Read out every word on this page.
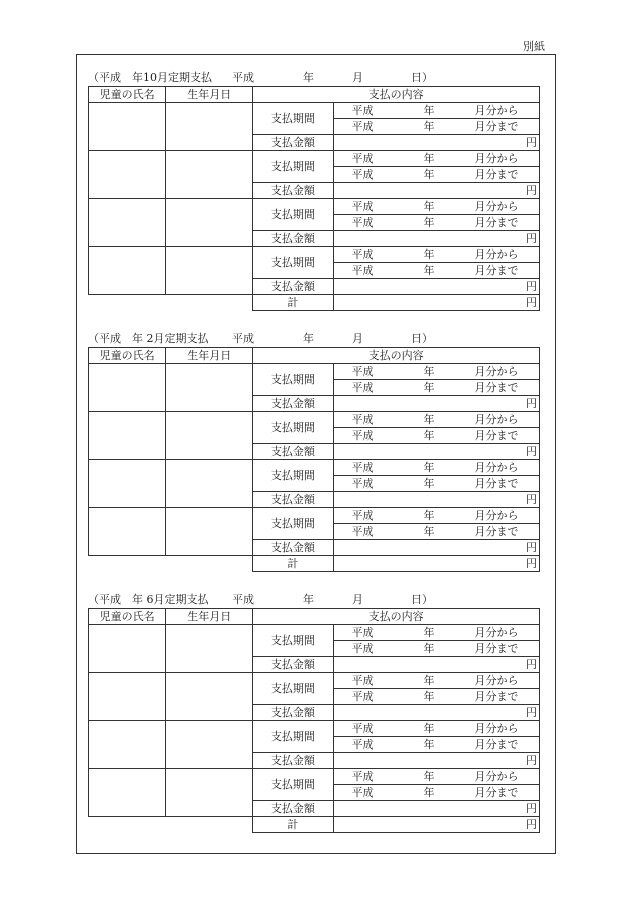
別紙

（平成

年10月定期支払

平成

	年

	月

	日）

児童の氏名	生年月日	支払の内容	
		支払期間	平成 年 月分から

			平成 年 月分まで

		支払金額	円
		支払期間	平成 年 月分から

			平成 年 月分まで

		支払金額	円
		支払期間	平成 年 月分から

			平成 年 月分まで

		支払金額	円
		支払期間	平成 年 月分から

			平成 年 月分まで

		支払金額	円
		計	円

（平成

年 2月定期支払

平成

	年

	月

	日）

児童の氏名	生年月日	支払の内容	
		支払期間	平成 年 月分から

			平成 年 月分まで

		支払金額	円
		支払期間	平成 年 月分から

			平成 年 月分まで

		支払金額	円
		支払期間	平成 年 月分から

			平成 年 月分まで

		支払金額	円
		支払期間	平成 年 月分から

			平成 年 月分まで

		支払金額	円
		計	円

（平成

年 6月定期支払

平成

	年

	月

	日）

児童の氏名	生年月日	支払の内容	
		支払期間	平成 年 月分から

			平成 年 月分まで

		支払金額	円
		支払期間	平成 年 月分から

			平成 年 月分まで

		支払金額	円
		支払期間	平成 年 月分から

			平成 年 月分まで

		支払金額	円
		支払期間	平成 年 月分から

			平成 年 月分まで

		支払金額	円
		計	円
